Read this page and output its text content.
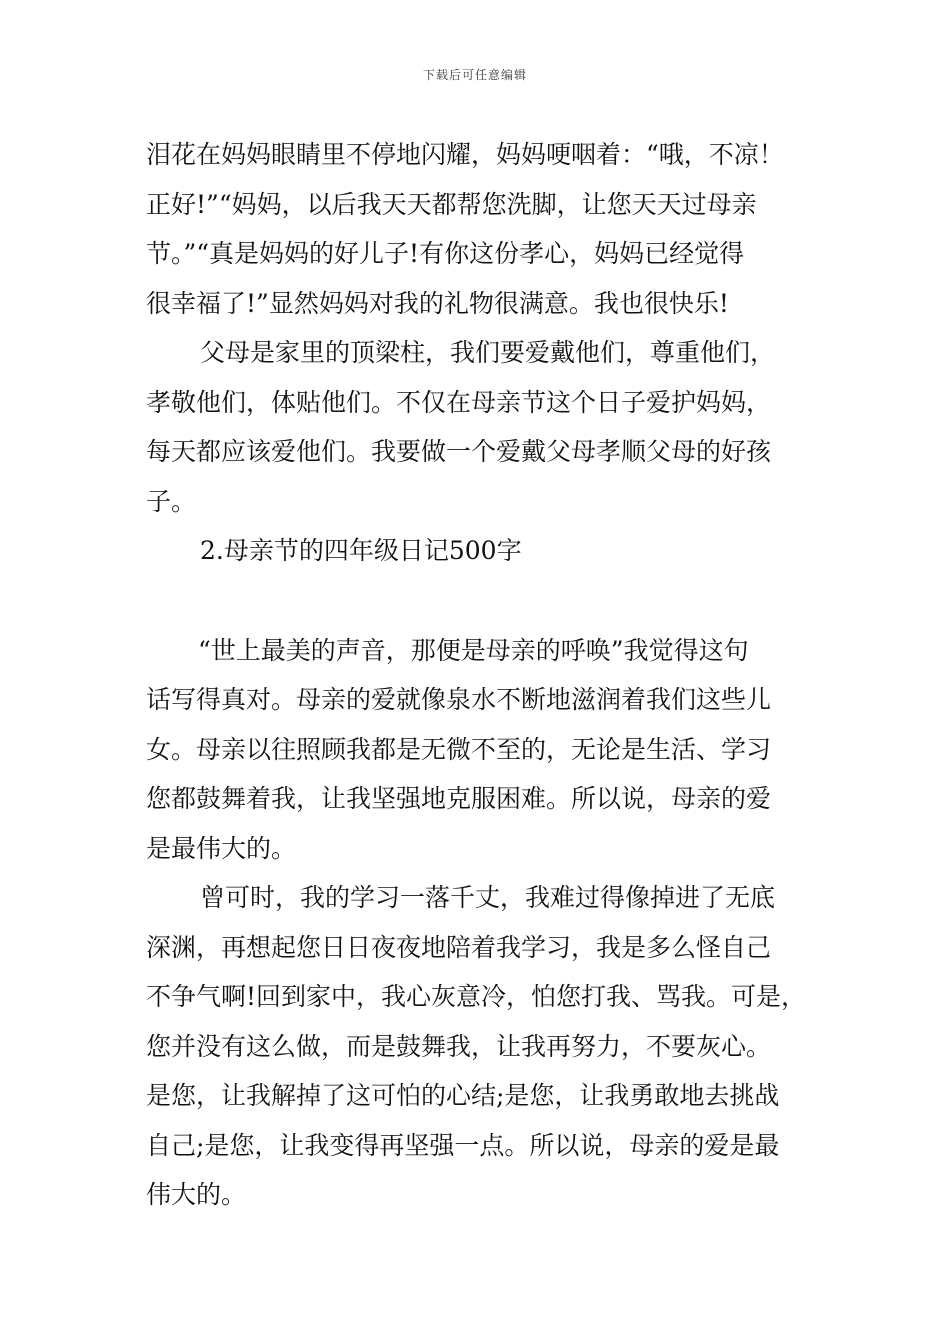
下载后可任意编辑
泪花在妈妈眼睛里不停地闪耀，妈妈哽咽着：“哦，不凉！
正好!”“妈妈，以后我天天都帮您洗脚，让您天天过母亲
节。”“真是妈妈的好儿子!有你这份孝心，妈妈已经觉得
很幸福了!”显然妈妈对我的礼物很满意。我也很快乐!
父母是家里的顶梁柱，我们要爱戴他们，尊重他们，
孝敬他们，体贴他们。不仅在母亲节这个日子爱护妈妈，
每天都应该爱他们。我要做一个爱戴父母孝顺父母的好孩
子。
2.母亲节的四年级日记500字
“世上最美的声音，那便是母亲的呼唤”我觉得这句
话写得真对。母亲的爱就像泉水不断地滋润着我们这些儿
女。母亲以往照顾我都是无微不至的，无论是生活、学习
您都鼓舞着我，让我坚强地克服困难。所以说，母亲的爱
是最伟大的。
曾可时，我的学习一落千丈，我难过得像掉进了无底
深渊，再想起您日日夜夜地陪着我学习，我是多么怪自己
不争气啊!回到家中，我心灰意冷，怕您打我、骂我。可是，
您并没有这么做，而是鼓舞我，让我再努力，不要灰心。
是您，让我解掉了这可怕的心结;是您，让我勇敢地去挑战
自己;是您，让我变得再坚强一点。所以说，母亲的爱是最
伟大的。
